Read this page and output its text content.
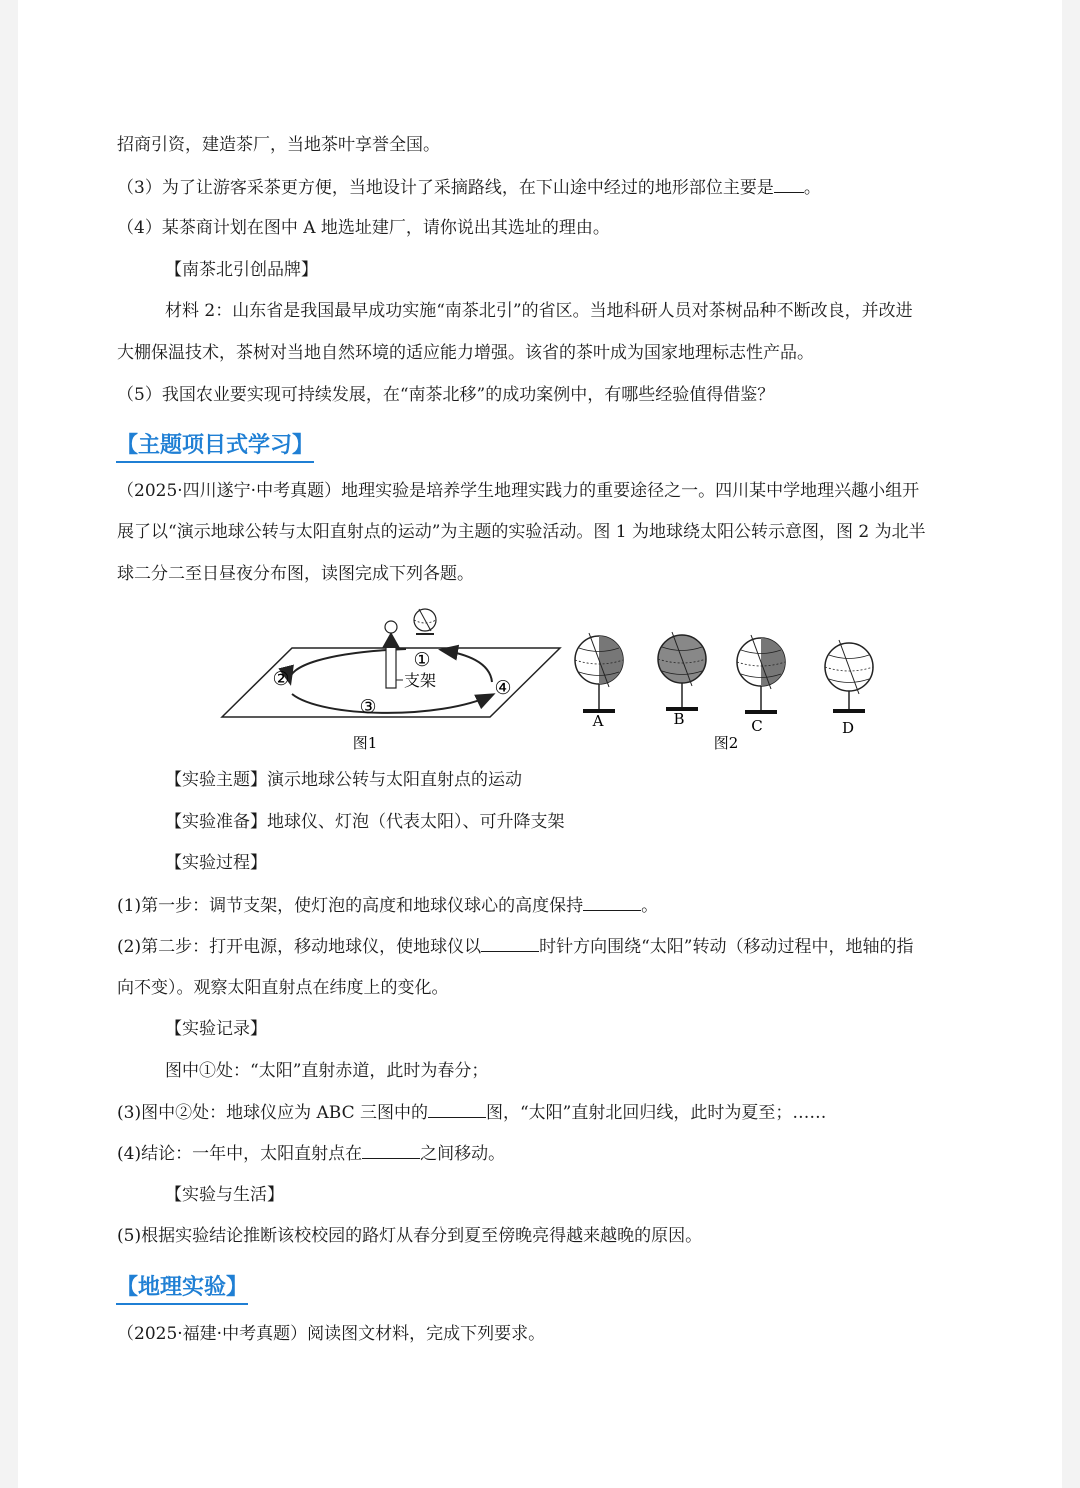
招商引资，建造茶厂，当地茶叶享誉全国。
（3）为了让游客采茶更方便，当地设计了采摘路线，在下山途中经过的地形部位主要是 。
（4）某茶商计划在图中 A 地选址建厂，请你说出其选址的理由。
【南茶北引创品牌】
材料 2：山东省是我国最早成功实施“南茶北引”的省区。当地科研人员对茶树品种不断改良，并改进
大棚保温技术，茶树对当地自然环境的适应能力增强。该省的茶叶成为国家地理标志性产品。
（5）我国农业要实现可持续发展，在“南茶北移”的成功案例中，有哪些经验值得借鉴？
【主题项目式学习】
（2025·四川遂宁·中考真题）地理实验是培养学生地理实践力的重要途径之一。四川某中学地理兴趣小组开
展了以“演示地球公转与太阳直射点的运动”为主题的实验活动。图 1 为地球绕太阳公转示意图，图 2 为北半
球二分二至日昼夜分布图，读图完成下列各题。
支架
①
②
③
④
图1
A	B	C	D
图2
【实验主题】演示地球公转与太阳直射点的运动
【实验准备】地球仪、灯泡（代表太阳）、可升降支架
【实验过程】
(1)第一步：调节支架，使灯泡的高度和地球仪球心的高度保持	。
(2)第二步：打开电源，移动地球仪，使地球仪以	时针方向围绕“太阳”转动（移动过程中，地轴的指
向不变）。观察太阳直射点在纬度上的变化。
【实验记录】
图中①处：“太阳”直射赤道，此时为春分；
(3)图中②处：地球仪应为 ABC 三图中的	图，“太阳”直射北回归线，此时为夏至；……
(4)结论：一年中，太阳直射点在	之间移动。
【实验与生活】
(5)根据实验结论推断该校校园的路灯从春分到夏至傍晚亮得越来越晚的原因。
【地理实验】
（2025·福建·中考真题）阅读图文材料，完成下列要求。
